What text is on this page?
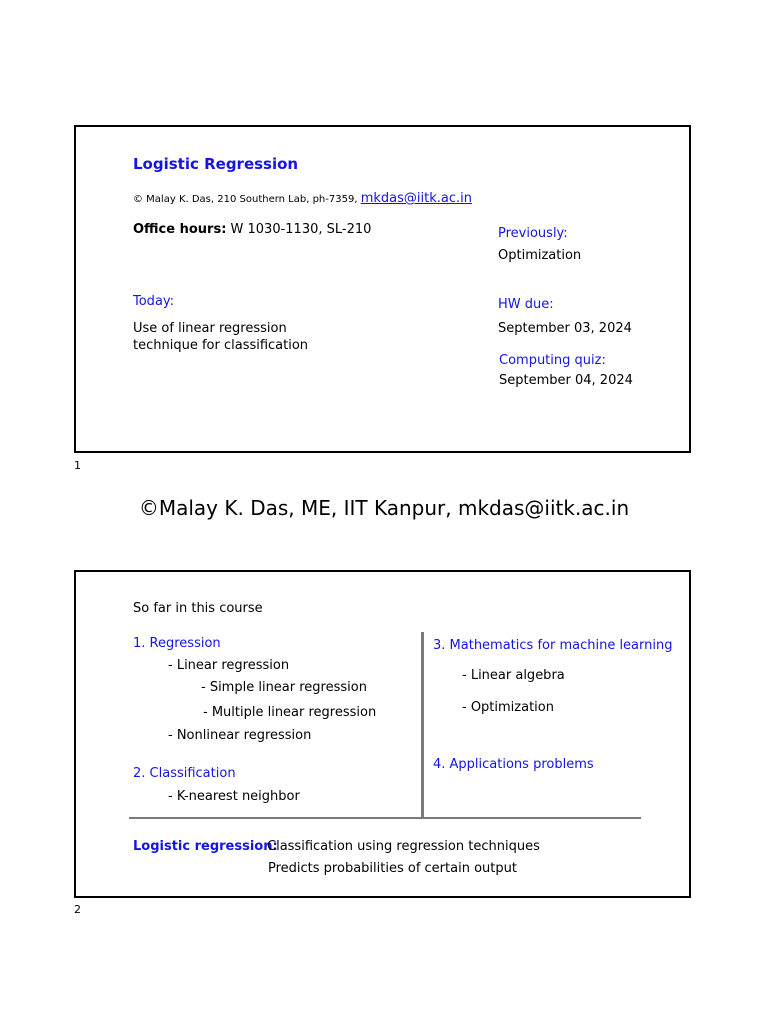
Logistic Regression
© Malay K. Das, 210 Southern Lab, ph-7359, mkdas@iitk.ac.in
Office hours: W 1030-1130, SL-210	Previously:
Optimization
Today:
Use of linear regression
technique for classification
HW due:
September 03, 2024
Computing quiz:
September 04, 2024
1
©Malay K. Das, ME, IIT Kanpur, mkdas@iitk.ac.in
So far in this course
1. Regression
- Linear regression
- Simple linear regression
- Multiple linear regression
- Nonlinear regression
2. Classification
- K-nearest neighbor
3. Mathematics for machine learning
- Linear algebra
- Optimization
4. Applications problems
Logistic regression:
Classification using regression techniques
Predicts probabilities of certain output
2
